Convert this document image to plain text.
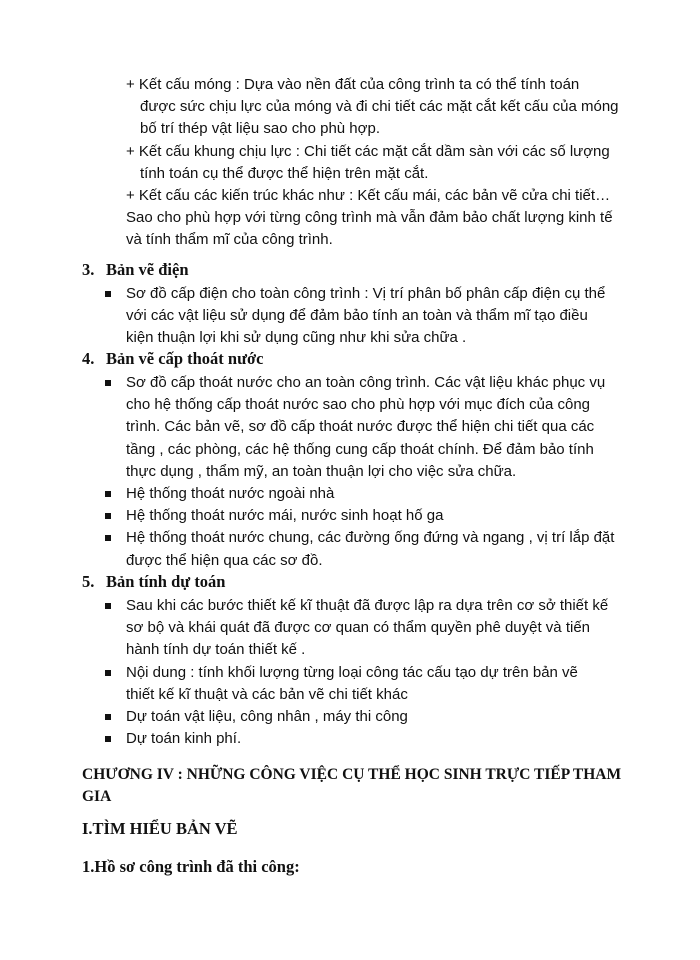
+ Kết cấu móng : Dựa vào nền đất của công trình ta có thể tính toán
được sức chịu lực của móng và đi chi tiết các mặt cắt kết cấu của móng
bố trí thép vật liệu sao cho phù hợp.

+ Kết cấu khung chịu lực : Chi tiết các mặt cắt dầm sàn với các số lượng
tính toán cụ thể được thể hiện trên mặt cắt.

+ Kết cấu các kiến trúc khác như : Kết cấu mái, các bản vẽ cửa chi tiết…
Sao cho phù hợp với từng công trình mà vẫn đảm bảo chất lượng kinh tế
và tính thẩm mĩ của công trình.

3. Bản vẽ điện
Sơ đồ cấp điện cho toàn công trình : Vị trí phân bố phân cấp điện cụ thể
với các vật liệu sử dụng để đảm bảo tính an toàn và thẩm mĩ tạo điều
kiện thuận lợi khi sử dụng cũng như khi sửa chữa .
4. Bản vẽ cấp thoát nước
Sơ đồ cấp thoát nước cho an toàn công trình. Các vật liệu khác phục vụ
cho hệ thống cấp thoát nước sao cho phù hợp với mục đích của công
trình. Các bản vẽ, sơ đồ cấp thoát nước được thể hiện chi tiết qua các
tầng , các phòng, các hệ thống cung cấp thoát chính. Để đảm bảo tính
thực dụng , thẩm mỹ, an toàn thuận lợi cho việc sửa chữa.
Hệ thống thoát nước ngoài nhà
Hệ thống thoát nước mái, nước sinh hoạt hố ga
Hệ thống thoát nước chung, các đường ống đứng và ngang , vị trí lắp đặt
được thể hiện qua các sơ đồ.
5. Bản tính dự toán
Sau khi các bước thiết kế kĩ thuật đã được lập ra dựa trên cơ sở thiết kế
sơ bộ và khái quát đã được cơ quan có thẩm quyền phê duyệt và tiến
hành tính dự toán thiết kế .
Nội dung : tính khối lượng từng loại công tác cấu tạo dự trên bản vẽ
thiết kế kĩ thuật và các bản vẽ chi tiết khác
Dự toán vật liệu, công nhân , máy thi công
Dự toán kinh phí.
CHƯƠNG IV : NHỮNG CÔNG VIỆC CỤ THỂ HỌC SINH TRỰC TIẾP THAM
GIA
I.TÌM HIỂU BẢN VẼ
1.Hồ sơ công trình đã thi công:
